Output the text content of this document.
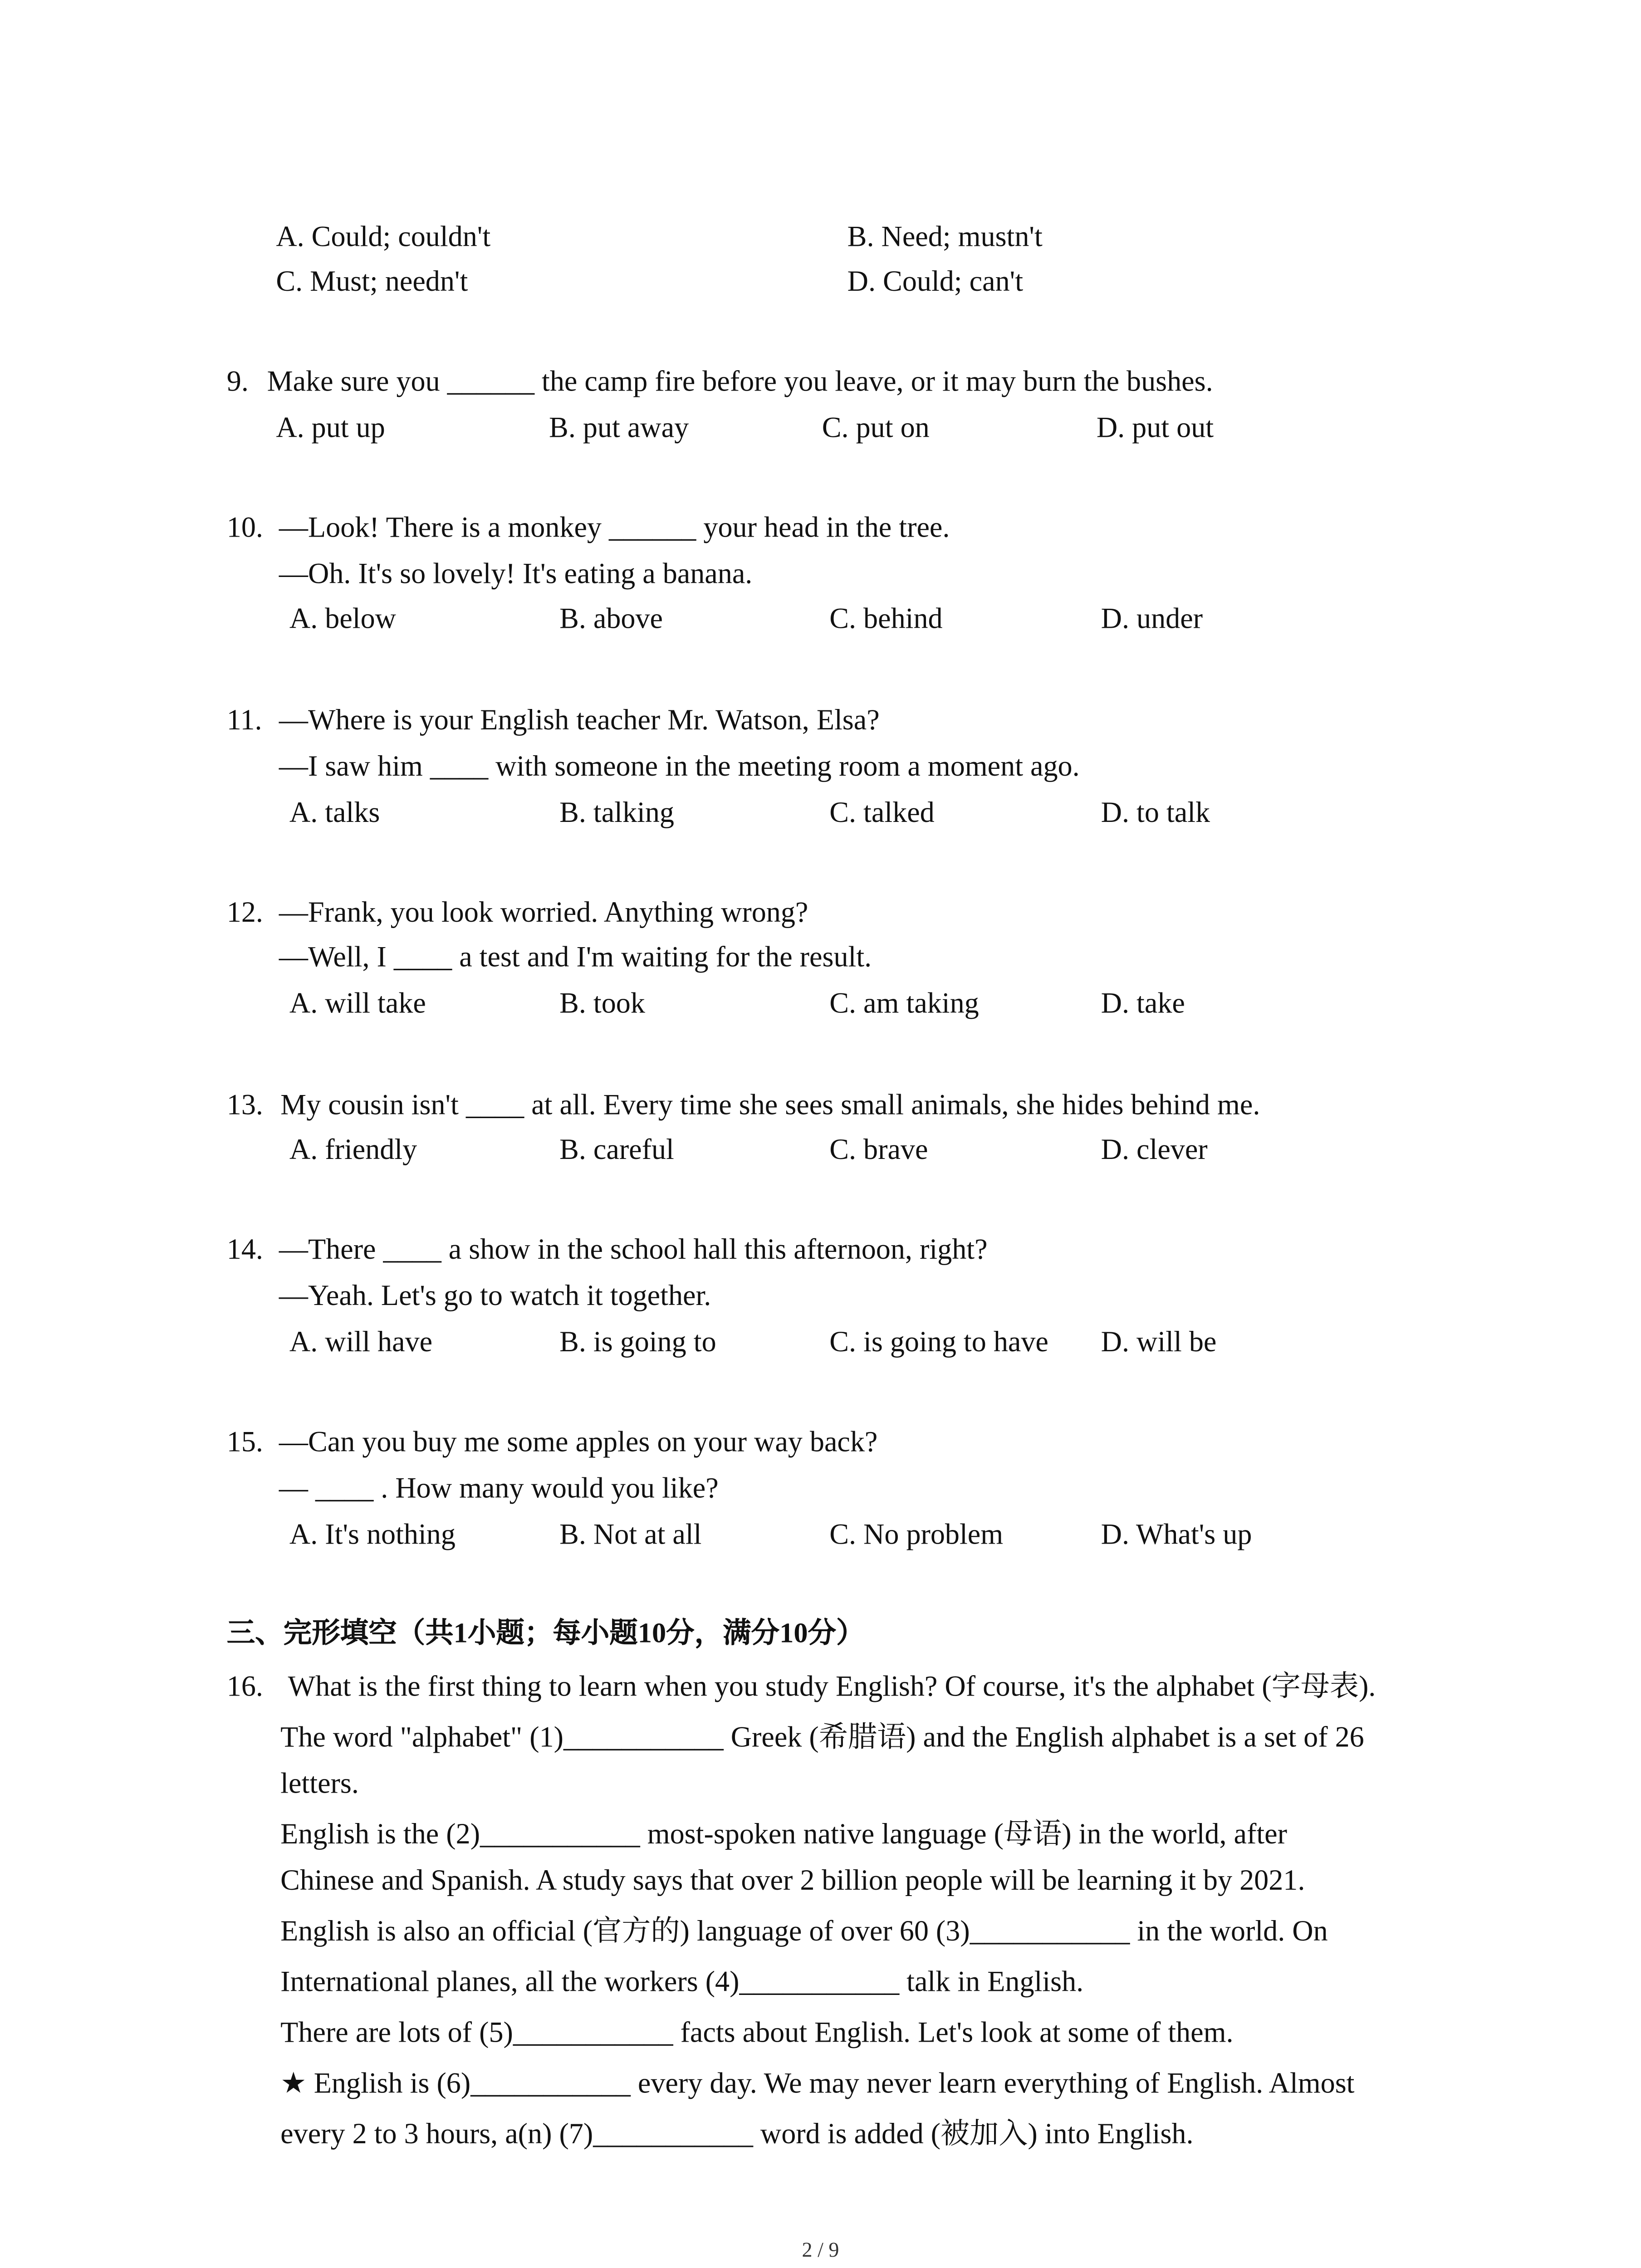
A. Could; couldn't	B. Need; mustn't
C. Must; needn't	D. Could; can't
9. Make sure you ______ the camp fire before you leave, or it may burn the bushes.
A. put up	B. put away	C. put on	D. put out
10. —Look! There is a monkey ______ your head in the tree.
—Oh. It's so lovely! It's eating a banana.
A. below	B. above	C. behind	D. under
11. —Where is your English teacher Mr. Watson, Elsa?
—I saw him ____ with someone in the meeting room a moment ago.
A. talks	B. talking	C. talked	D. to talk
12. —Frank, you look worried. Anything wrong?
—Well, I ____ a test and I'm waiting for the result.
A. will take	B. took	C. am taking	D. take
13. My cousin isn't ____ at all. Every time she sees small animals, she hides behind me.
A. friendly	B. careful	C. brave	D. clever
14. —There ____ a show in the school hall this afternoon, right?
—Yeah. Let's go to watch it together.
A. will have	B. is going to	C. is going to have	D. will be
15. —Can you buy me some apples on your way back?
— ____ . How many would you like?
A. It's nothing	B. Not at all	C. No problem	D. What's up
三、完形填空（共1小题；每小题10分，满分10分）
16.	What is the first thing to learn when you study English? Of course, it's the alphabet (字母表).
The word "alphabet" (1)___________ Greek (希腊语) and the English alphabet is a set of 26
letters.
English is the (2)___________ most-spoken native language (母语) in the world, after
Chinese and Spanish. A study says that over 2 billion people will be learning it by 2021.
English is also an official (官方的) language of over 60 (3)___________ in the world. On
International planes, all the workers (4)___________ talk in English.
There are lots of (5)___________ facts about English. Let's look at some of them.
★ English is (6)___________ every day. We may never learn everything of English. Almost
every 2 to 3 hours, a(n) (7)___________ word is added (被加入) into English.
2 / 9
